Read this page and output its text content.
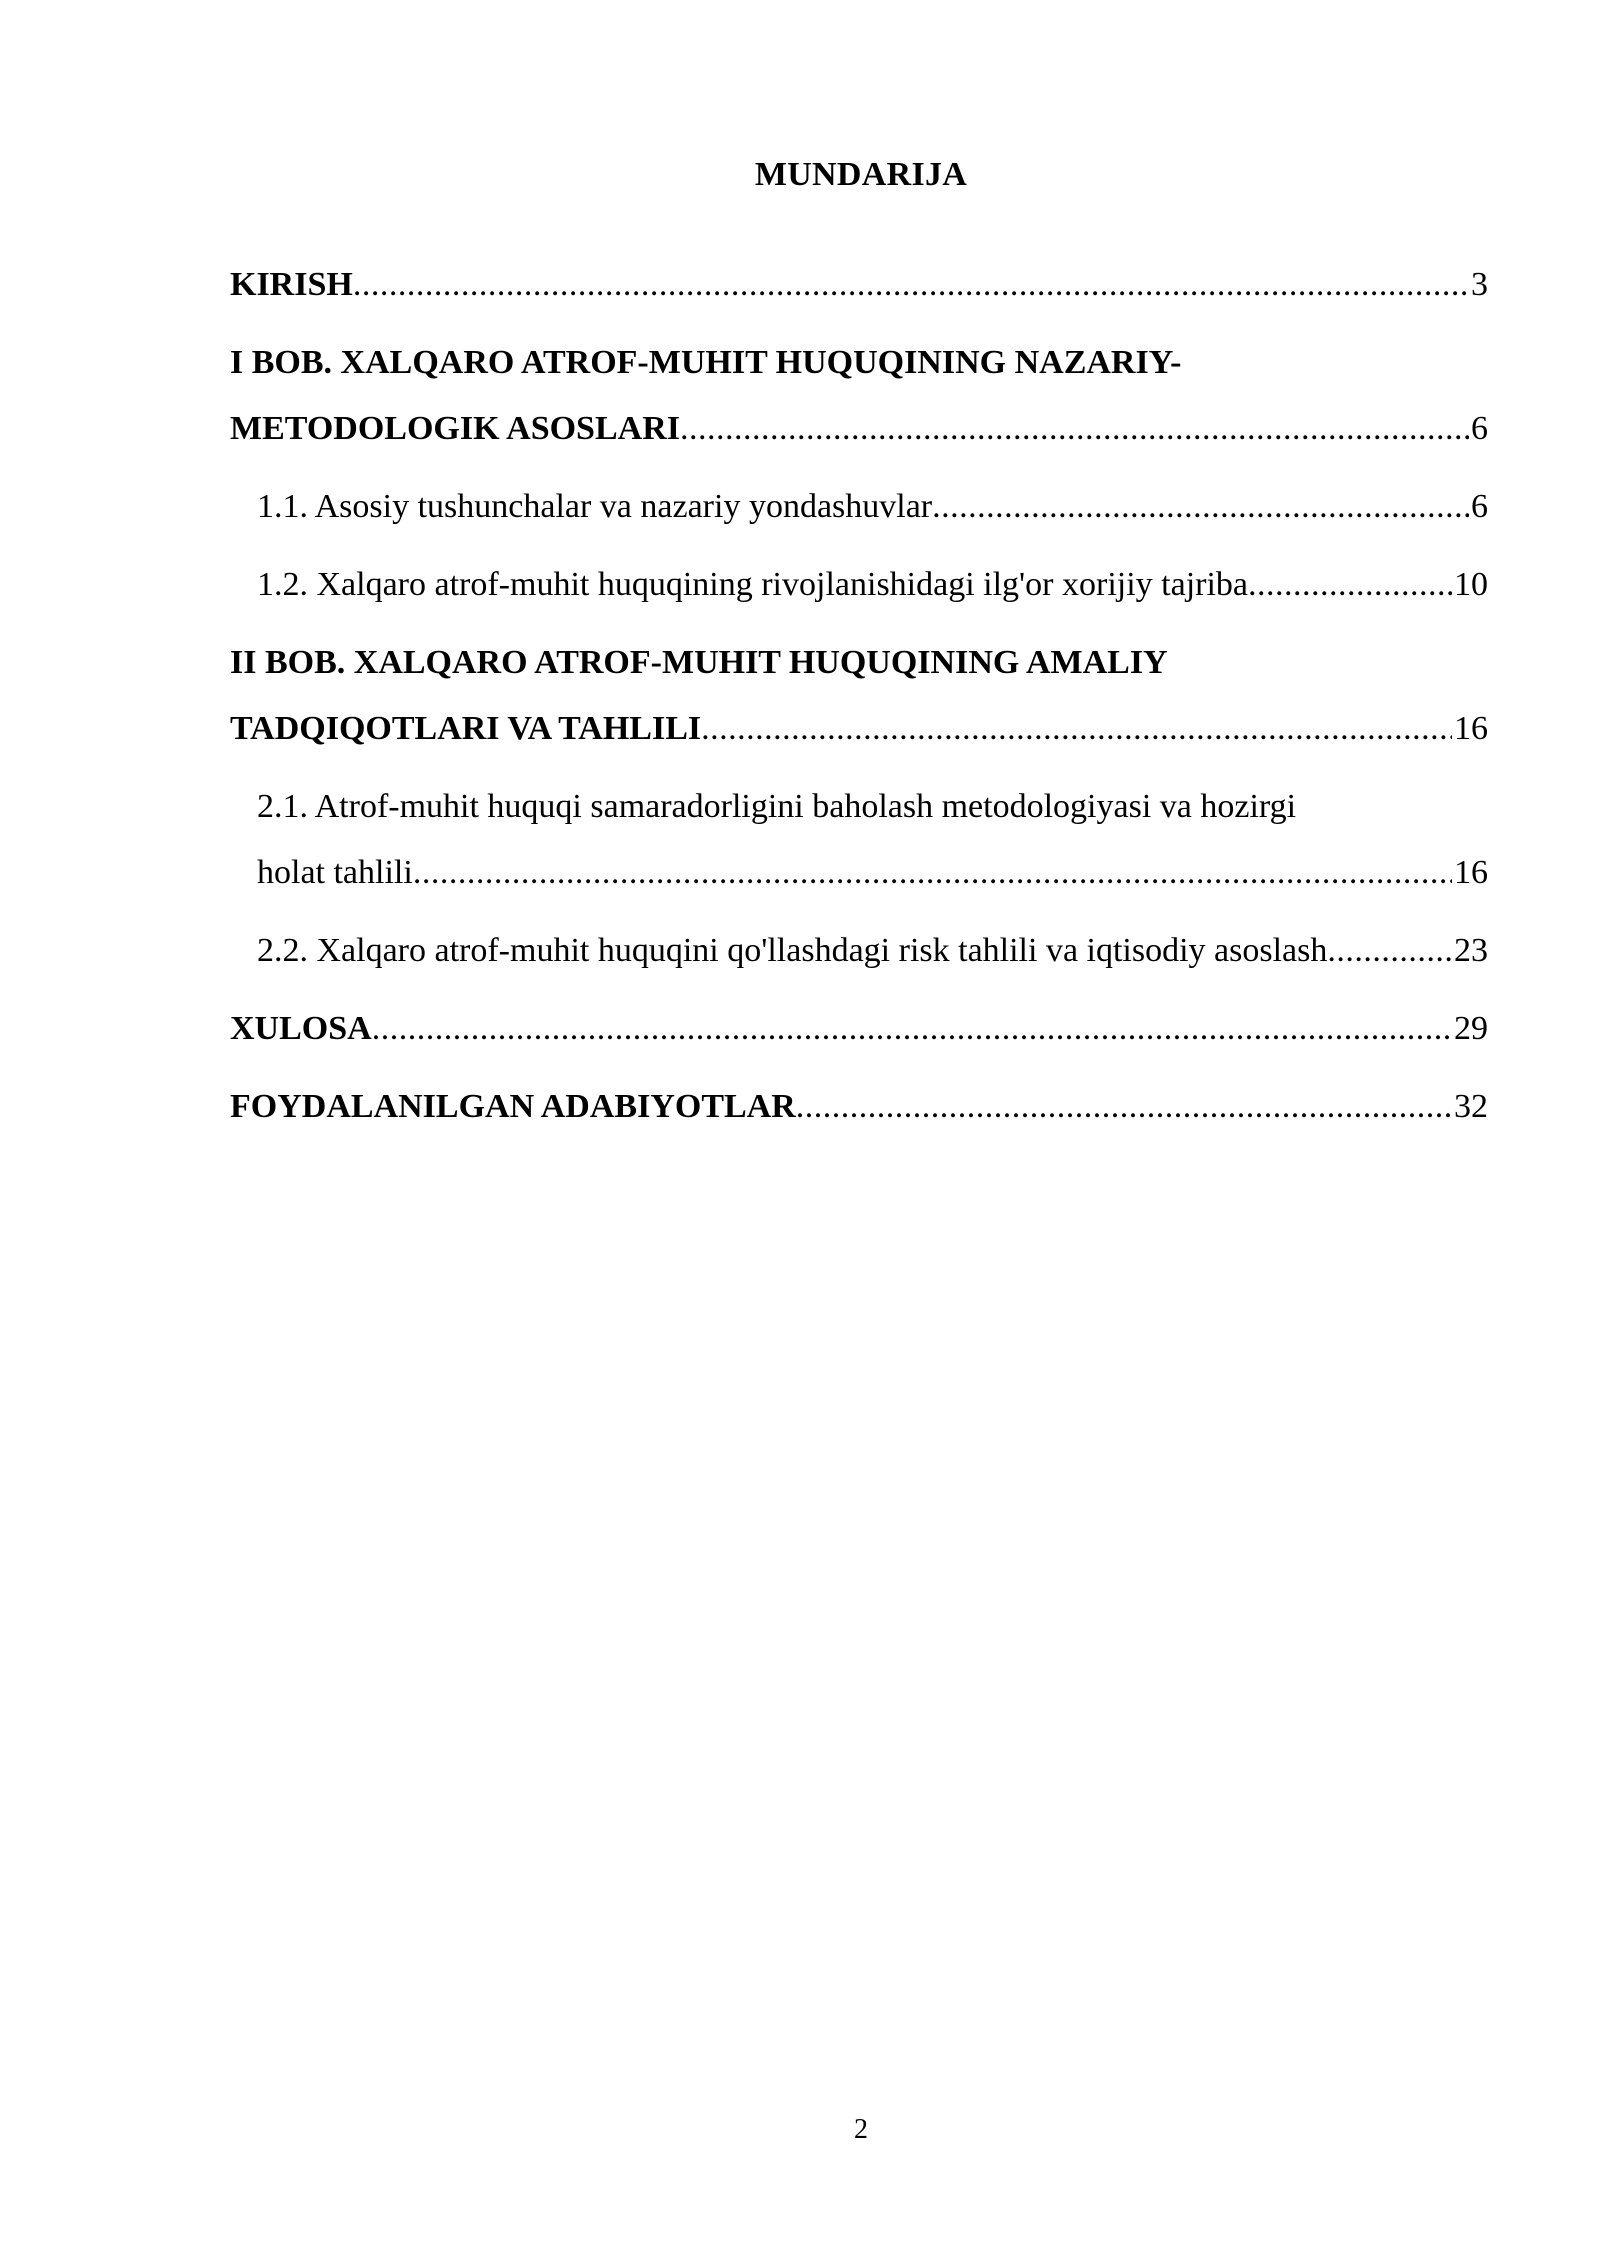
MUNDARIJA
KIRISH .....	3
I BOB. XALQARO ATROF-MUHIT HUQUQINING NAZARIY-
METODOLOGIK ASOSLARI .....	6
1.1. Asosiy tushunchalar va nazariy yondashuvlar .....	6
1.2. Xalqaro atrof-muhit huquqining rivojlanishidagi ilg'or xorijiy tajriba .....	10
II BOB. XALQARO ATROF-MUHIT HUQUQINING AMALIY
TADQIQOTLARI VA TAHLILI .....	16
2.1. Atrof-muhit huquqi samaradorligini baholash metodologiyasi va hozirgi
holat tahlili .....	16
2.2. Xalqaro atrof-muhit huquqini qo'llashdagi risk tahlili va iqtisodiy asoslash .....	23
XULOSA .....	29
FOYDALANILGAN ADABIYOTLAR .....	32
2
